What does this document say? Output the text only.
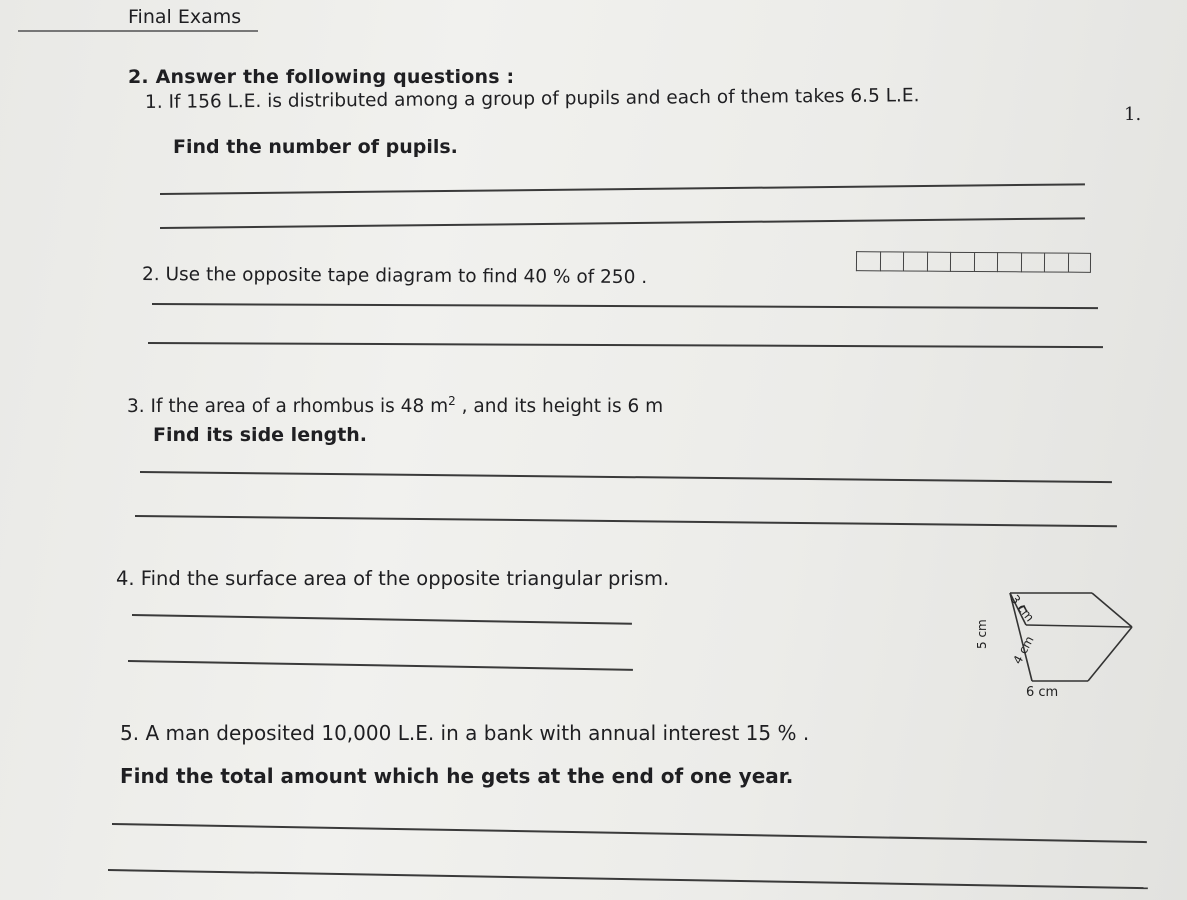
Final Exams
2. Answer the following questions :
1.
1. If 156 L.E. is distributed among a group of pupils and each of them takes 6.5 L.E.
Find the number of pupils.
2. Use the opposite tape diagram to find 40 % of 250 .
3. If the area of a rhombus is 48 $m^2$ , and its height is 6 m
Find its side length.
4. Find the surface area of the opposite triangular prism.
3 cm
5 cm 4 cm
6 cm
5. A man deposited 10,000 L.E. in a bank with annual interest 15 % .
Find the total amount which he gets at the end of one year.
